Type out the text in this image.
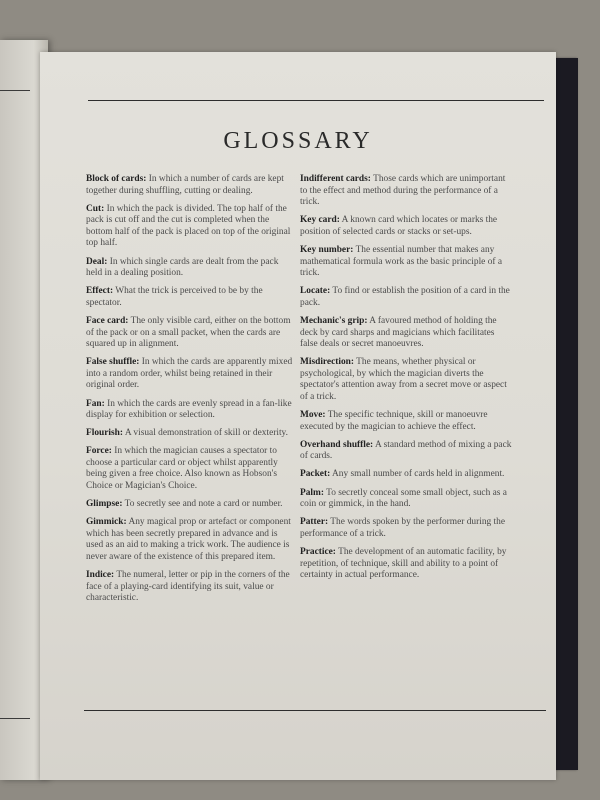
GLOSSARY

Block of cards: In which a number of cards are kept together during shuffling, cutting or dealing.

Cut: In which the pack is divided. The top half of the pack is cut off and the cut is completed when the bottom half of the pack is placed on top of the original top half.

Deal: In which single cards are dealt from the pack held in a dealing position.

Effect: What the trick is perceived to be by the spectator.

Face card: The only visible card, either on the bottom of the pack or on a small packet, when the cards are squared up in alignment.

False shuffle: In which the cards are apparently mixed into a random order, whilst being retained in their original order.

Fan: In which the cards are evenly spread in a fan-like display for exhibition or selection.

Flourish: A visual demonstration of skill or dexterity.

Force: In which the magician causes a spectator to choose a particular card or object whilst apparently being given a free choice. Also known as Hobson's Choice or Magician's Choice.

Glimpse: To secretly see and note a card or number.

Gimmick: Any magical prop or artefact or component which has been secretly prepared in advance and is used as an aid to making a trick work. The audience is never aware of the existence of this prepared item.

Indice: The numeral, letter or pip in the corners of the face of a playing-card identifying its suit, value or characteristic.

Indifferent cards: Those cards which are unimportant to the effect and method during the performance of a trick.

Key card: A known card which locates or marks the position of selected cards or stacks or set-ups.

Key number: The essential number that makes any mathematical formula work as the basic principle of a trick.

Locate: To find or establish the position of a card in the pack.

Mechanic's grip: A favoured method of holding the deck by card sharps and magicians which facilitates false deals or secret manoeuvres.

Misdirection: The means, whether physical or psychological, by which the magician diverts the spectator's attention away from a secret move or aspect of a trick.

Move: The specific technique, skill or manoeuvre executed by the magician to achieve the effect.

Overhand shuffle: A standard method of mixing a pack of cards.

Packet: Any small number of cards held in alignment.

Palm: To secretly conceal some small object, such as a coin or gimmick, in the hand.

Patter: The words spoken by the performer during the performance of a trick.

Practice: The development of an automatic facility, by repetition, of technique, skill and ability to a point of certainty in actual performance.
